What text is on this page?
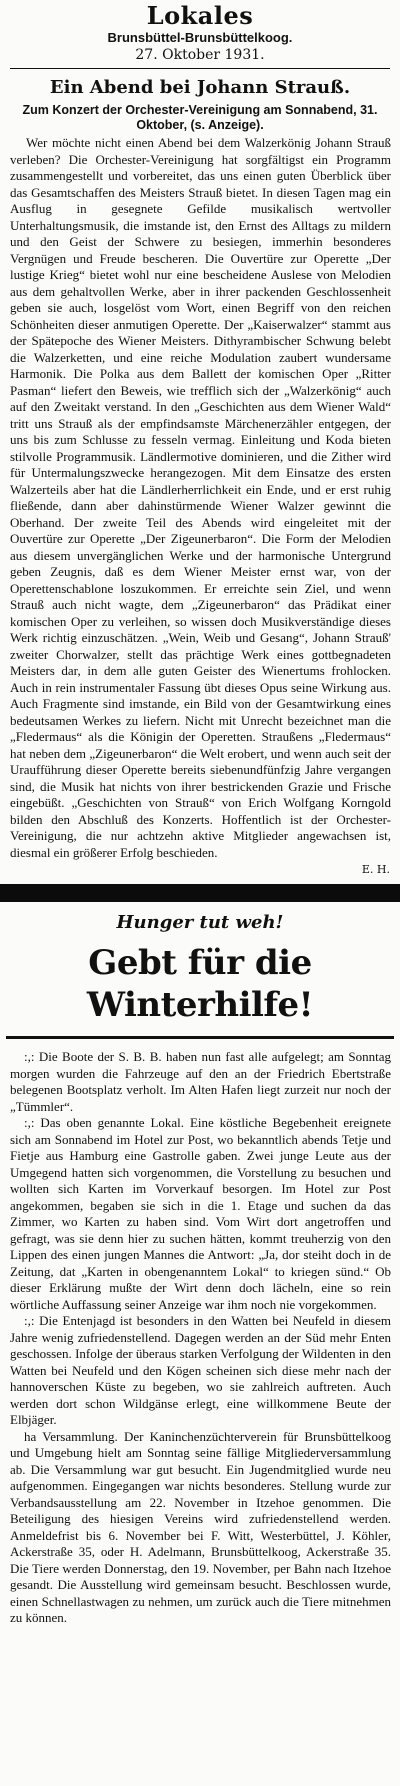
Lokales
Brunsbüttel-Brunsbüttelkoog.
27. Oktober 1931.
Ein Abend bei Johann Strauß.
Zum Konzert der Orchester-Vereinigung am Sonnabend, 31. Oktober, (s. Anzeige).

Wer möchte nicht einen Abend bei dem Walzerkönig Johann Strauß verleben? Die Orchester-Vereinigung hat sorgfältigst ein Programm zusammengestellt und vorbereitet, das uns einen guten Überblick über das Gesamtschaffen des Meisters Strauß bietet. In diesen Tagen mag ein Ausflug in gesegnete Gefilde musikalisch wertvoller Unterhaltungsmusik, die imstande ist, den Ernst des Alltags zu mildern und den Geist der Schwere zu besiegen, immerhin besonderes Vergnügen und Freude bescheren. Die Ouvertüre zur Operette „Der lustige Krieg“ bietet wohl nur eine bescheidene Auslese von Melodien aus dem gehaltvollen Werke, aber in ihrer packenden Geschlossenheit geben sie auch, losgelöst vom Wort, einen Begriff von den reichen Schönheiten dieser anmutigen Operette. Der „Kaiserwalzer“ stammt aus der Spätepoche des Wiener Meisters. Dithyrambischer Schwung belebt die Walzerketten, und eine reiche Modulation zaubert wundersame Harmonik. Die Polka aus dem Ballett der komischen Oper „Ritter Pasman“ liefert den Beweis, wie trefflich sich der „Walzerkönig“ auch auf den Zweitakt verstand. In den „Geschichten aus dem Wiener Wald“ tritt uns Strauß als der empfindsamste Märchenerzähler entgegen, der uns bis zum Schlusse zu fesseln vermag. Einleitung und Koda bieten stilvolle Programmusik. Ländlermotive dominieren, und die Zither wird für Untermalungszwecke herangezogen. Mit dem Einsatze des ersten Walzerteils aber hat die Ländlerherrlichkeit ein Ende, und er erst ruhig fließende, dann aber dahinstürmende Wiener Walzer gewinnt die Oberhand. Der zweite Teil des Abends wird eingeleitet mit der Ouvertüre zur Operette „Der Zigeunerbaron“. Die Form der Melodien aus diesem unvergänglichen Werke und der harmonische Untergrund geben Zeugnis, daß es dem Wiener Meister ernst war, von der Operettenschablone loszukommen. Er erreichte sein Ziel, und wenn Strauß auch nicht wagte, dem „Zigeunerbaron“ das Prädikat einer komischen Oper zu verleihen, so wissen doch Musikverständige dieses Werk richtig einzuschätzen. „Wein, Weib und Gesang“, Johann Strauß' zweiter Chorwalzer, stellt das prächtige Werk eines gottbegnadeten Meisters dar, in dem alle guten Geister des Wienertums frohlocken. Auch in rein instrumentaler Fassung übt dieses Opus seine Wirkung aus. Auch Fragmente sind imstande, ein Bild von der Gesamtwirkung eines bedeutsamen Werkes zu liefern. Nicht mit Unrecht bezeichnet man die „Fledermaus“ als die Königin der Operetten. Straußens „Fledermaus“ hat neben dem „Zigeunerbaron“ die Welt erobert, und wenn auch seit der Uraufführung dieser Operette bereits siebenundfünfzig Jahre vergangen sind, die Musik hat nichts von ihrer bestrickenden Grazie und Frische eingebüßt. „Geschichten von Strauß“ von Erich Wolfgang Korngold bilden den Abschluß des Konzerts. Hoffentlich ist der Orchester-Vereinigung, die nur achtzehn aktive Mitglieder angewachsen ist, diesmal ein größerer Erfolg beschieden.

E. H.
Hunger tut weh!
Gebt für die Winterhilfe!

:,: Die Boote der S. B. B. haben nun fast alle aufgelegt; am Sonntag morgen wurden die Fahrzeuge auf den an der Friedrich Ebertstraße belegenen Bootsplatz verholt. Im Alten Hafen liegt zurzeit nur noch der „Tümmler“.

:,: Das oben genannte Lokal. Eine köstliche Begebenheit ereignete sich am Sonnabend im Hotel zur Post, wo bekanntlich abends Tetje und Fietje aus Hamburg eine Gastrolle gaben. Zwei junge Leute aus der Umgegend hatten sich vorgenommen, die Vorstellung zu besuchen und wollten sich Karten im Vorverkauf besorgen. Im Hotel zur Post angekommen, begaben sie sich in die 1. Etage und suchen da das Zimmer, wo Karten zu haben sind. Vom Wirt dort angetroffen und gefragt, was sie denn hier zu suchen hätten, kommt treuherzig von den Lippen des einen jungen Mannes die Antwort: „Ja, dor steiht doch in de Zeitung, dat „Karten in obengenanntem Lokal“ to kriegen sünd.“ Ob dieser Erklärung mußte der Wirt denn doch lächeln, eine so rein wörtliche Auffassung seiner Anzeige war ihm noch nie vorgekommen.

:,: Die Entenjagd ist besonders in den Watten bei Neufeld in diesem Jahre wenig zufriedenstellend. Dagegen werden an der Süd mehr Enten geschossen. Infolge der überaus starken Verfolgung der Wildenten in den Watten bei Neufeld und den Kögen scheinen sich diese mehr nach der hannoverschen Küste zu begeben, wo sie zahlreich auftreten. Auch werden dort schon Wildgänse erlegt, eine willkommene Beute der Elbjäger.

ha Versammlung. Der Kaninchenzüchterverein für Brunsbüttelkoog und Umgebung hielt am Sonntag seine fällige Mitgliederversammlung ab. Die Versammlung war gut besucht. Ein Jugendmitglied wurde neu aufgenommen. Eingegangen war nichts besonderes. Stellung wurde zur Verbandsausstellung am 22. November in Itzehoe genommen. Die Beteiligung des hiesigen Vereins wird zufriedenstellend werden. Anmeldefrist bis 6. November bei F. Witt, Westerbüttel, J. Köhler, Ackerstraße 35, oder H. Adelmann, Brunsbüttelkoog, Ackerstraße 35. Die Tiere werden Donnerstag, den 19. November, per Bahn nach Itzehoe gesandt. Die Ausstellung wird gemeinsam besucht. Beschlossen wurde, einen Schnellastwagen zu nehmen, um zurück auch die Tiere mitnehmen zu können.
